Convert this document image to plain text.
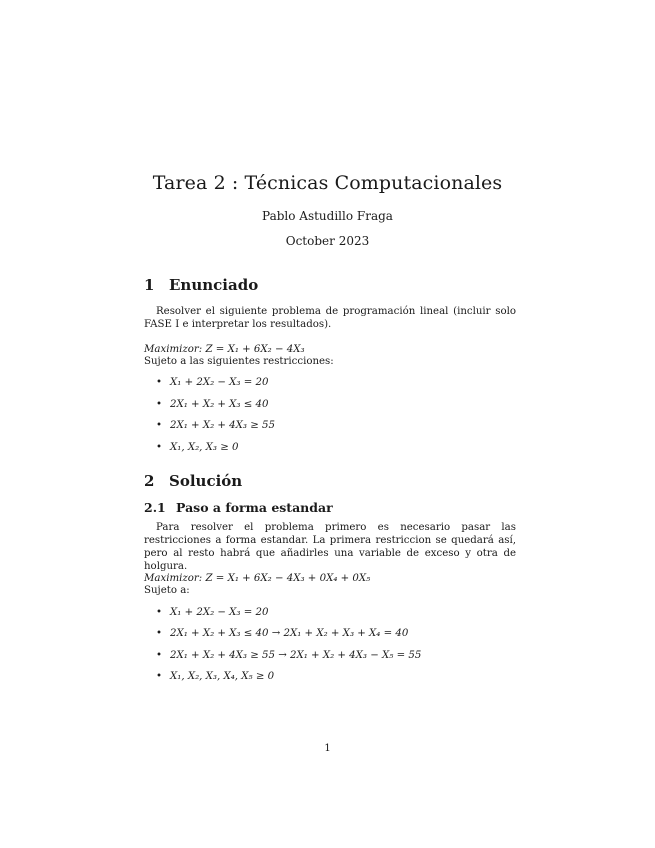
Tarea 2 : Técnicas Computacionales
Pablo Astudillo Fraga
October 2023
1 Enunciado

Resolver el siguiente problema de programación lineal (incluir solo FASE I e interpretar los resultados).

Maximizor: Z = X₁ + 6X₂ − 4X₃
Sujeto a las siguientes restricciones:
• X₁ + 2X₂ − X₃ = 20
• 2X₁ + X₂ + X₃ ≤ 40
• 2X₁ + X₂ + 4X₃ ≥ 55
• X₁, X₂, X₃ ≥ 0
2 Solución
2.1 Paso a forma estandar

Para resolver el problema primero es necesario pasar las restricciones a forma estandar. La primera restriccion se quedará así, pero al resto habrá que añadirles una variable de exceso y otra de holgura.

Maximizor: Z = X₁ + 6X₂ − 4X₃ + 0X₄ + 0X₅
Sujeto a:
• X₁ + 2X₂ − X₃ = 20
• 2X₁ + X₂ + X₃ ≤ 40 → 2X₁ + X₂ + X₃ + X₄ = 40
• 2X₁ + X₂ + 4X₃ ≥ 55 → 2X₁ + X₂ + 4X₃ − X₅ = 55
• X₁, X₂, X₃, X₄, X₅ ≥ 0
1
